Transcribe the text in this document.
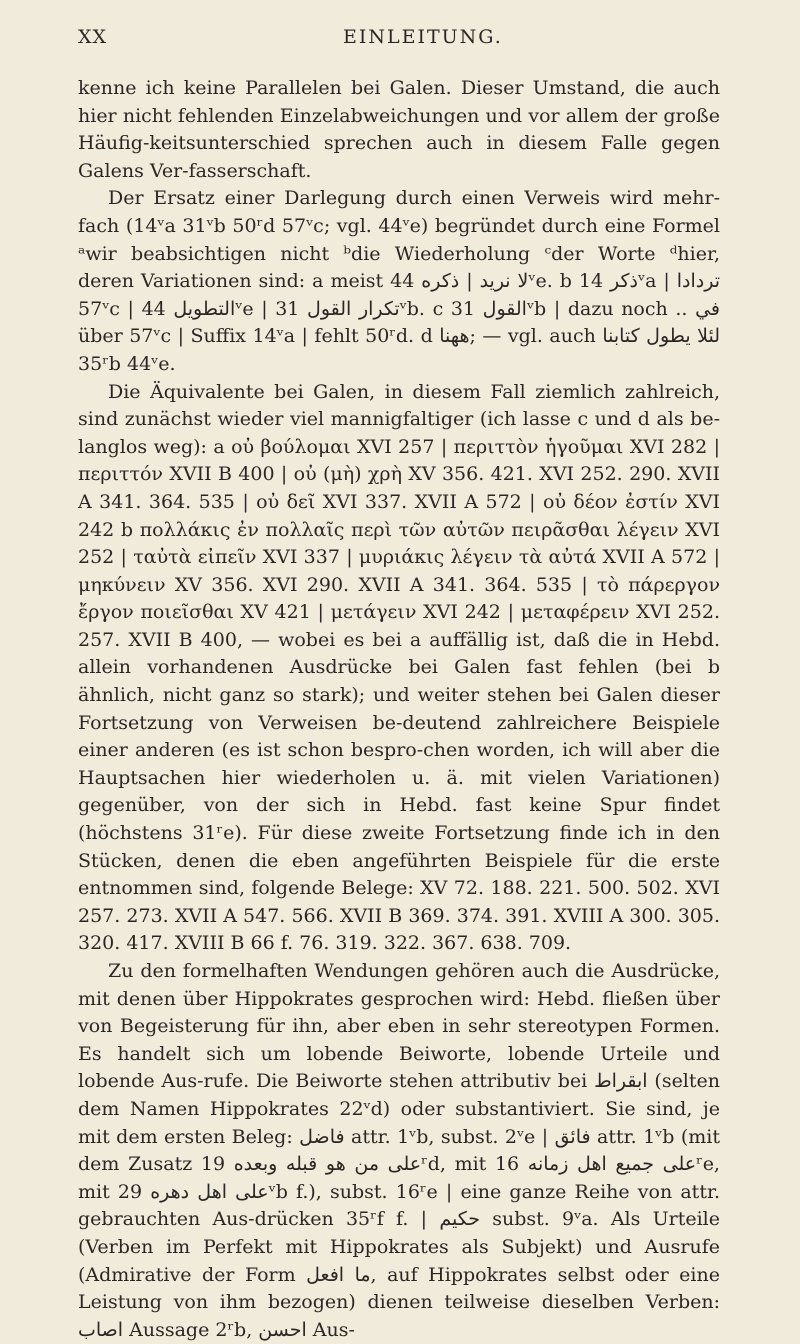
XX	EINLEITUNG.

kenne ich keine Parallelen bei Galen. Dieser Umstand, die auch hier nicht fehlenden Einzelabweichungen und vor allem der große Häufig-keitsunterschied sprechen auch in diesem Falle gegen Galens Ver-fasserschaft.

Der Ersatz einer Darlegung durch einen Verweis wird mehr-fach (14ᵛa 31ᵛb 50ʳd 57ᵛc; vgl. 44ᵛe) begründet durch eine Formel ᵃwir beabsichtigen nicht ᵇdie Wiederholung ᶜder Worte ᵈhier, deren Variationen sind: a meist لا نريد | ذكره 44ᵛe. b ذكر 14ᵛa | تردادا 57ᵛc | التطويل 44ᵛe | تكرار القول 31ᵛb. c القول 31ᵛb | dazu noch .. في über 57ᵛc | Suffix 14ᵛa | fehlt 50ʳd. d ههنا; — vgl. auch لئلا يطول كتابنا 35ʳb 44ᵛe.

Die Äquivalente bei Galen, in diesem Fall ziemlich zahlreich, sind zunächst wieder viel mannigfaltiger (ich lasse c und d als be-langlos weg): a οὐ βούλομαι XVI 257 | περιττὸν ἡγοῦμαι XVI 282 | περιττόν XVII B 400 | οὐ (μὴ) χρὴ XV 356. 421. XVI 252. 290. XVII A 341. 364. 535 | οὐ δεῖ XVI 337. XVII A 572 | οὐ δέον ἐστίν XVI 242 b πολλάκις ἐν πολλαῖς περὶ τῶν αὐτῶν πειρᾶσθαι λέγειν XVI 252 | ταὐτὰ εἰπεῖν XVI 337 | μυριάκις λέγειν τὰ αὐτά XVII A 572 | μηκύνειν XV 356. XVI 290. XVII A 341. 364. 535 | τὸ πάρεργον ἔργον ποιεῖσθαι XV 421 | μετάγειν XVI 242 | μεταφέρειν XVI 252. 257. XVII B 400, — wobei es bei a auffällig ist, daß die in Hebd. allein vorhandenen Ausdrücke bei Galen fast fehlen (bei b ähnlich, nicht ganz so stark); und weiter stehen bei Galen dieser Fortsetzung von Verweisen be-deutend zahlreichere Beispiele einer anderen (es ist schon bespro-chen worden, ich will aber die Hauptsachen hier wiederholen u. ä. mit vielen Variationen) gegenüber, von der sich in Hebd. fast keine Spur findet (höchstens 31ʳe). Für diese zweite Fortsetzung finde ich in den Stücken, denen die eben angeführten Beispiele für die erste entnommen sind, folgende Belege: XV 72. 188. 221. 500. 502. XVI 257. 273. XVII A 547. 566. XVII B 369. 374. 391. XVIII A 300. 305. 320. 417. XVIII B 66 f. 76. 319. 322. 367. 638. 709.

Zu den formelhaften Wendungen gehören auch die Ausdrücke, mit denen über Hippokrates gesprochen wird: Hebd. fließen über von Begeisterung für ihn, aber eben in sehr stereotypen Formen. Es handelt sich um lobende Beiworte, lobende Urteile und lobende Aus-rufe. Die Beiworte stehen attributiv bei ابقراط (selten dem Namen Hippokrates 22ᵛd) oder substantiviert. Sie sind, je mit dem ersten Beleg: فاضل attr. 1ᵛb, subst. 2ᵛe | فائق attr. 1ᵛb (mit dem Zusatz على من هو قبله وبعده 19ʳd, mit على جميع اهل زمانه 16ʳe, mit على اهل دهره 29ᵛb f.), subst. 16ʳe | eine ganze Reihe von attr. gebrauchten Aus-drücken 35ʳf f. | حكيم subst. 9ᵛa. Als Urteile (Verben im Perfekt mit Hippokrates als Subjekt) und Ausrufe (Admirative der Form ما افعل, auf Hippokrates selbst oder eine Leistung von ihm bezogen) dienen teilweise dieselben Verben: اصاب Aussage 2ʳb, احسن Aus-
